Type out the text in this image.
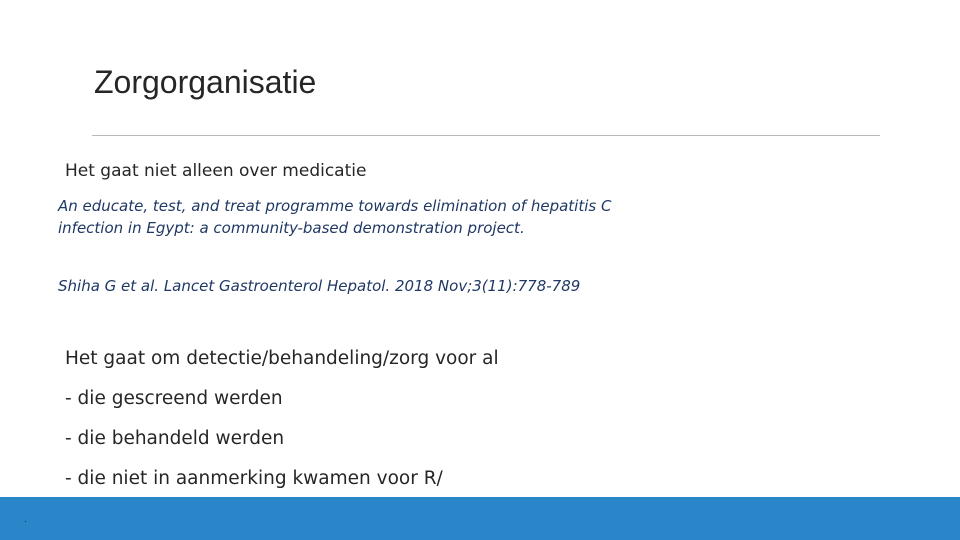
Zorgorganisatie
Het gaat niet alleen over medicatie
An educate, test, and treat programme towards elimination of hepatitis C infection in Egypt: a community-based demonstration project.
Shiha G et al. Lancet Gastroenterol Hepatol. 2018 Nov;3(11):778-789
Het gaat om detectie/behandeling/zorg voor al
- die gescreend werden
- die behandeld werden
- die niet in aanmerking kwamen voor R/
.
